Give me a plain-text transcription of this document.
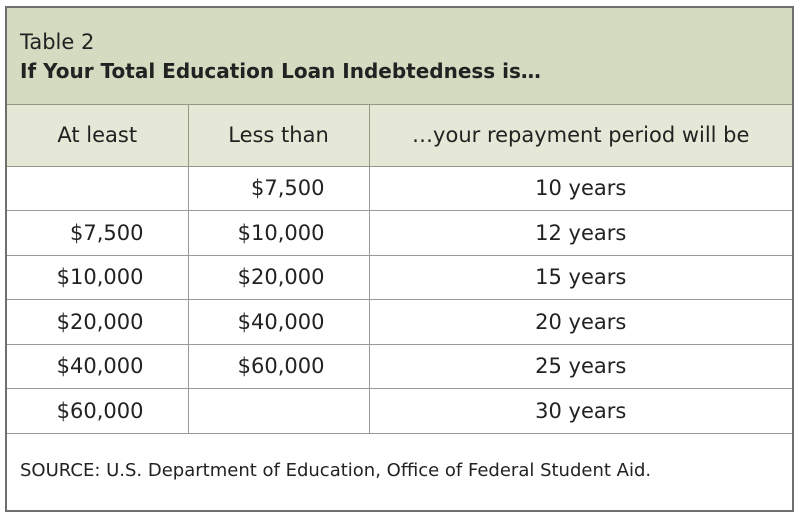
Table 2
If Your Total Education Loan Indebtedness is…
At least	Less than	…your repayment period will be
	$7,500	10 years
$7,500	$10,000	12 years
$10,000	$20,000	15 years
$20,000	$40,000	20 years
$40,000	$60,000	25 years
$60,000		30 years
SOURCE: U.S. Department of Education, Office of Federal Student Aid.
